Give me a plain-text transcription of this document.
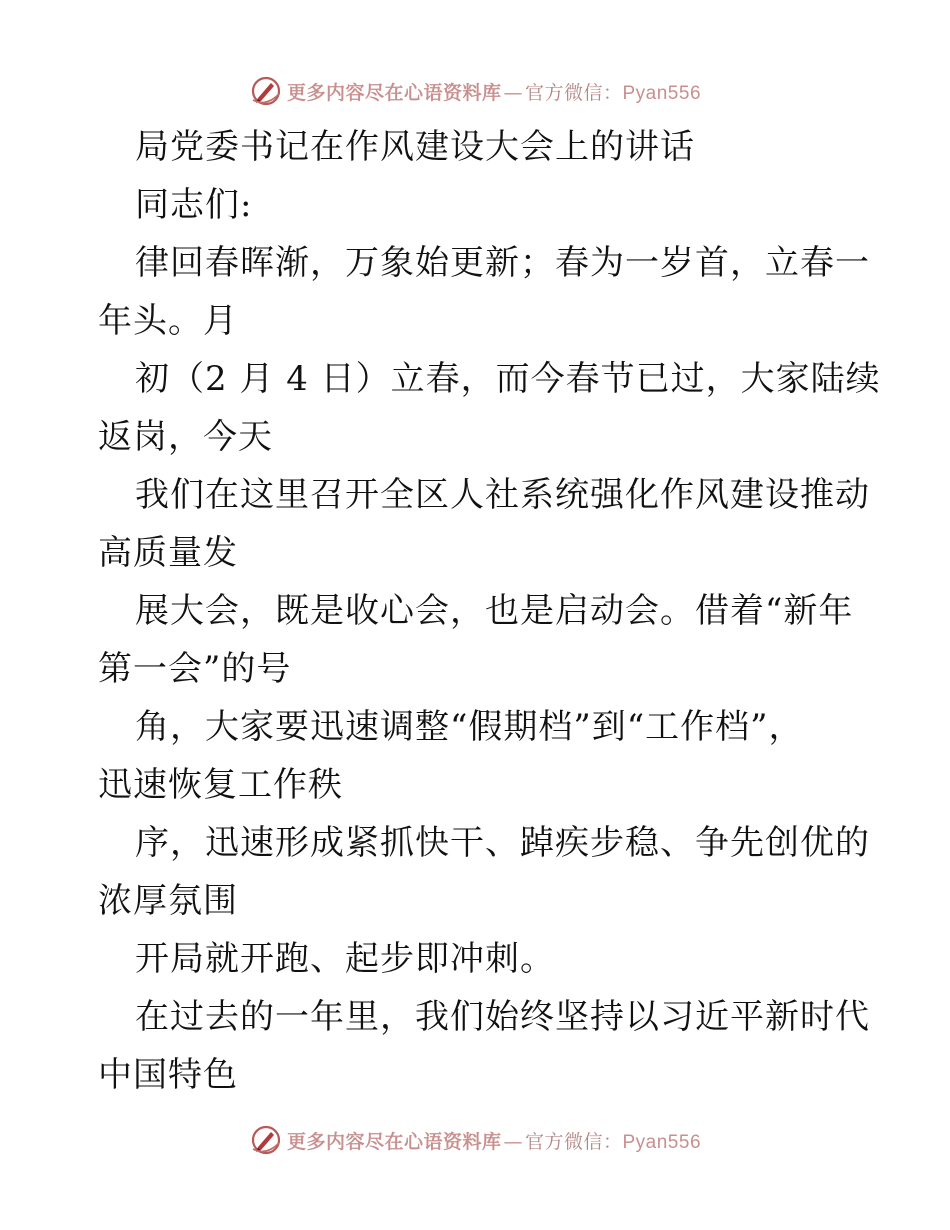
更多内容尽在心语资料库 — 官方微信：Pyan556
局党委书记在作风建设大会上的讲话
同志们:
律回春晖渐，万象始更新；春为一岁首，立春一
年头。月
初（2 月 4 日）立春，而今春节已过，大家陆续
返岗，今天
我们在这里召开全区人社系统强化作风建设推动
高质量发
展大会，既是收心会，也是启动会。借着“新年
第一会”的号
角，大家要迅速调整“假期档”到“工作档”，
迅速恢复工作秩
序，迅速形成紧抓快干、踔疾步稳、争先创优的
浓厚氛围
开局就开跑、起步即冲刺。
在过去的一年里，我们始终坚持以习近平新时代
中国特色
更多内容尽在心语资料库 — 官方微信：Pyan556
